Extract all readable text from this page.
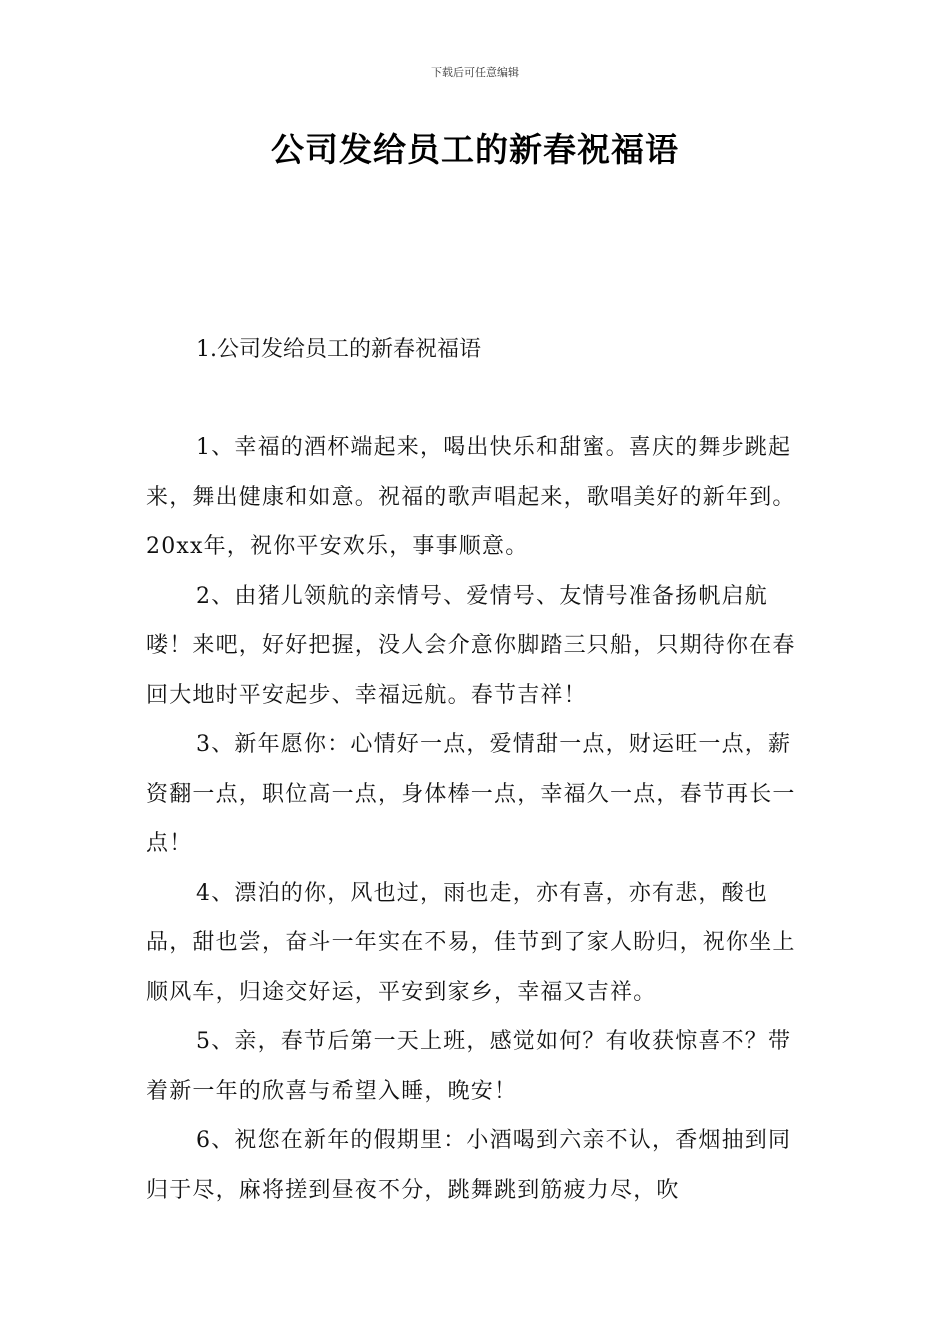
下载后可任意编辑
公司发给员工的新春祝福语
1.公司发给员工的新春祝福语

1、幸福的酒杯端起来，喝出快乐和甜蜜。喜庆的舞步跳起来，舞出健康和如意。祝福的歌声唱起来，歌唱美好的新年到。20xx年，祝你平安欢乐，事事顺意。

2、由猪儿领航的亲情号、爱情号、友情号准备扬帆启航喽！来吧，好好把握，没人会介意你脚踏三只船，只期待你在春回大地时平安起步、幸福远航。春节吉祥！

3、新年愿你：心情好一点，爱情甜一点，财运旺一点，薪资翻一点，职位高一点，身体棒一点，幸福久一点，春节再长一点！

4、漂泊的你，风也过，雨也走，亦有喜，亦有悲，酸也品，甜也尝，奋斗一年实在不易，佳节到了家人盼归，祝你坐上顺风车，归途交好运，平安到家乡，幸福又吉祥。

5、亲，春节后第一天上班，感觉如何？有收获惊喜不？带着新一年的欣喜与希望入睡，晚安！

6、祝您在新年的假期里：小酒喝到六亲不认，香烟抽到同归于尽，麻将搓到昼夜不分，跳舞跳到筋疲力尽，吹
